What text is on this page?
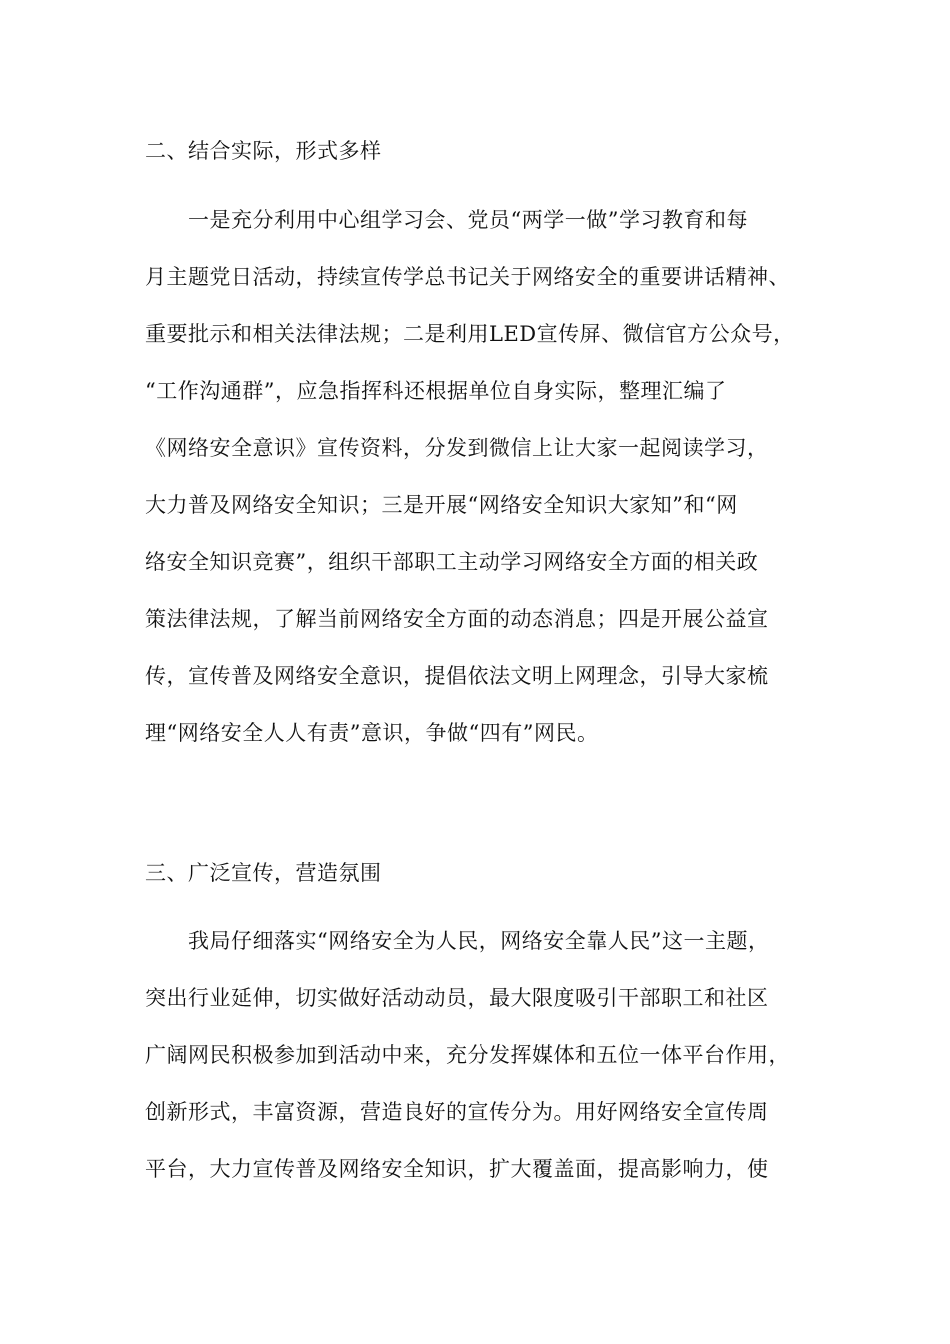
二、结合实际，形式多样
一是充分利用中心组学习会、党员“两学一做”学习教育和每
月主题党日活动，持续宣传学总书记关于网络安全的重要讲话精神、
重要批示和相关法律法规；二是利用LED宣传屏、微信官方公众号，
“工作沟通群”，应急指挥科还根据单位自身实际，整理汇编了
《网络安全意识》宣传资料，分发到微信上让大家一起阅读学习，
大力普及网络安全知识；三是开展“网络安全知识大家知”和“网
络安全知识竞赛”，组织干部职工主动学习网络安全方面的相关政
策法律法规，了解当前网络安全方面的动态消息；四是开展公益宣
传，宣传普及网络安全意识，提倡依法文明上网理念，引导大家梳
理“网络安全人人有责”意识，争做“四有”网民。
三、广泛宣传，营造氛围
我局仔细落实“网络安全为人民，网络安全靠人民”这一主题，
突出行业延伸，切实做好活动动员，最大限度吸引干部职工和社区
广阔网民积极参加到活动中来，充分发挥媒体和五位一体平台作用，
创新形式，丰富资源，营造良好的宣传分为。用好网络安全宣传周
平台，大力宣传普及网络安全知识，扩大覆盖面，提高影响力，使
